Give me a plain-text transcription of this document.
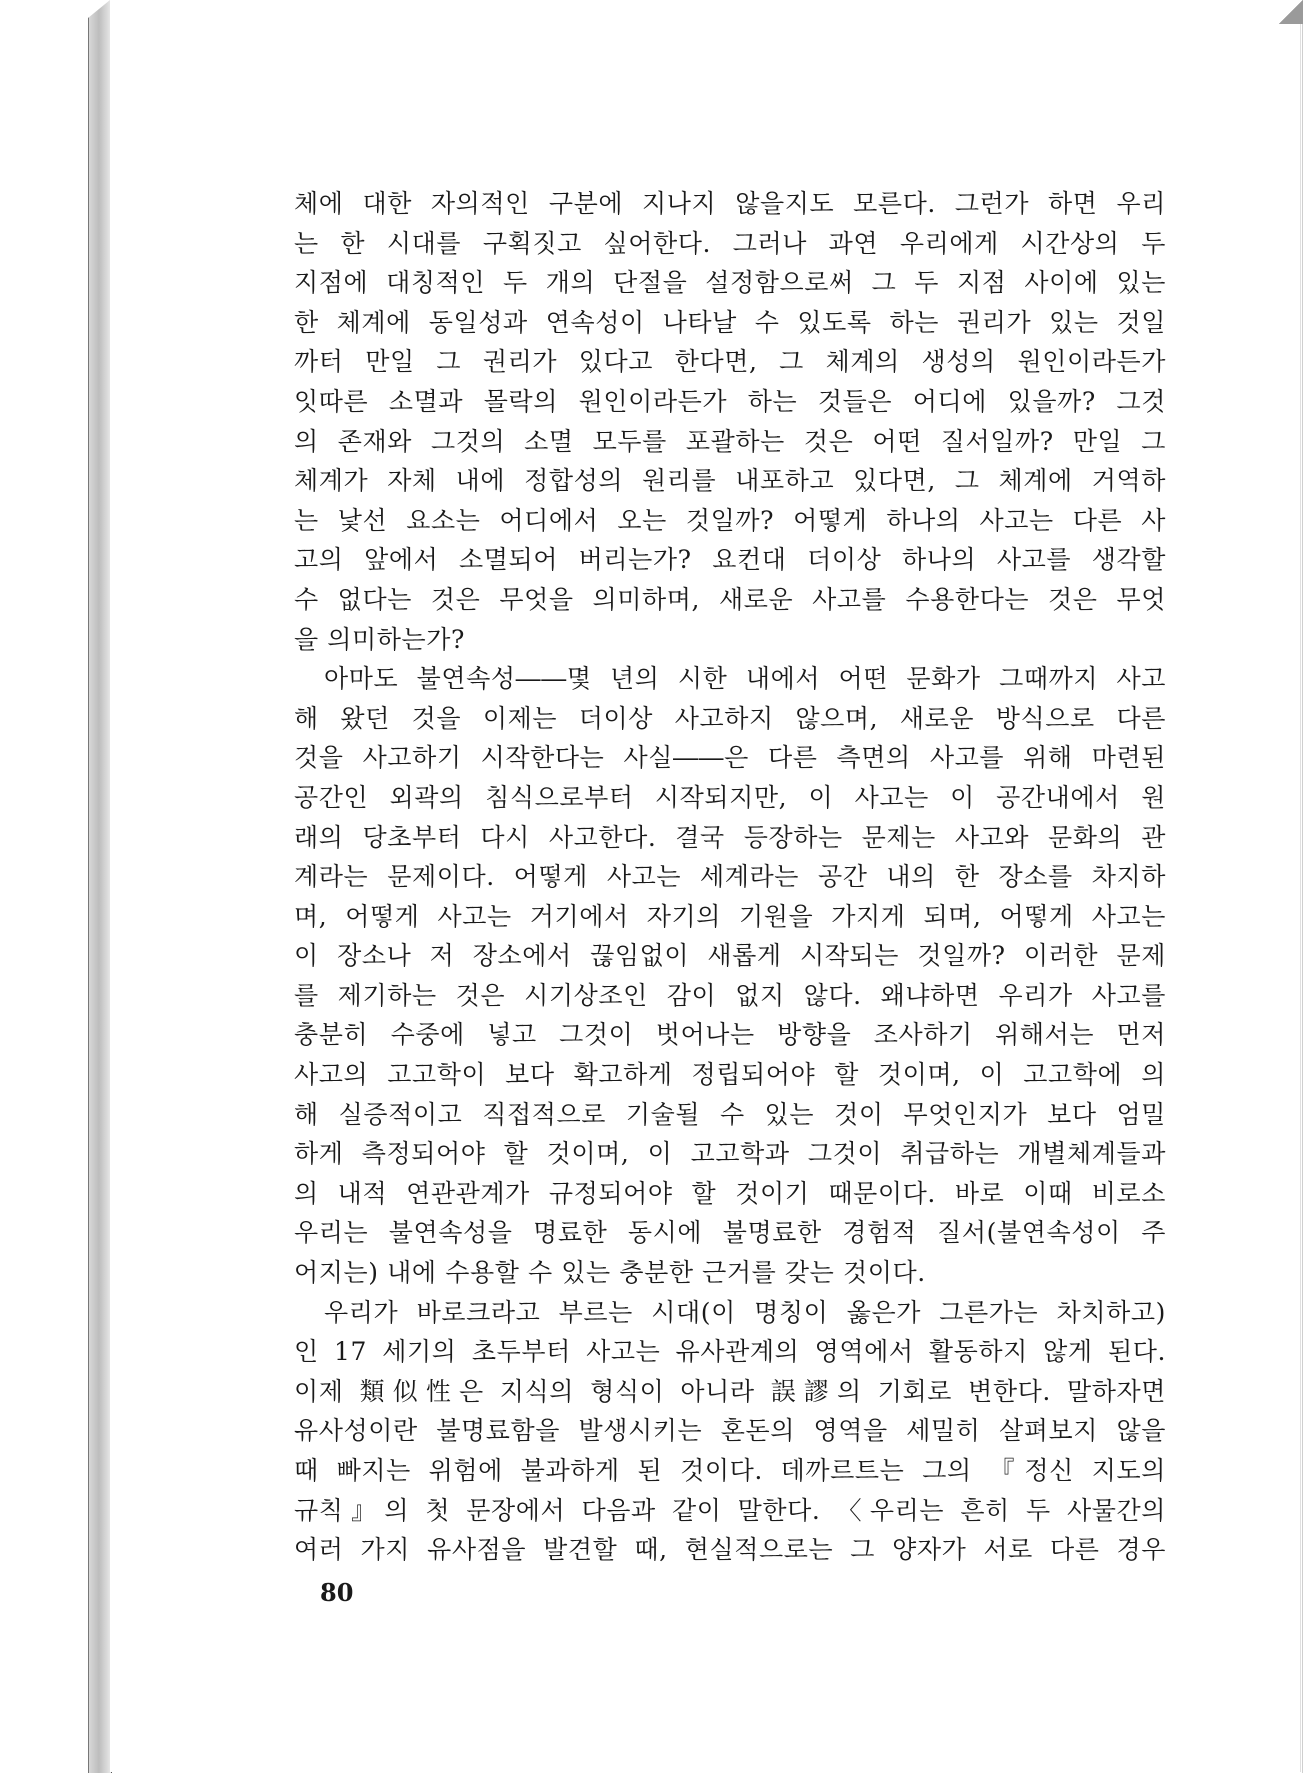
체에 대한 자의적인 구분에 지나지 않을지도 모른다. 그런가 하면 우리
는 한 시대를 구획짓고 싶어한다. 그러나 과연 우리에게 시간상의 두
지점에 대칭적인 두 개의 단절을 설정함으로써 그 두 지점 사이에 있는
한 체계에 동일성과 연속성이 나타날 수 있도록 하는 권리가 있는 것일
까터 만일 그 권리가 있다고 한다면, 그 체계의 생성의 원인이라든가
잇따른 소멸과 몰락의 원인이라든가 하는 것들은 어디에 있을까? 그것
의 존재와 그것의 소멸 모두를 포괄하는 것은 어떤 질서일까? 만일 그
체계가 자체 내에 정합성의 원리를 내포하고 있다면, 그 체계에 거역하
는 낯선 요소는 어디에서 오는 것일까? 어떻게 하나의 사고는 다른 사
고의 앞에서 소멸되어 버리는가? 요컨대 더이상 하나의 사고를 생각할
수 없다는 것은 무엇을 의미하며, 새로운 사고를 수용한다는 것은 무엇
을 의미하는가?
아마도 불연속성――몇 년의 시한 내에서 어떤 문화가 그때까지 사고
해 왔던 것을 이제는 더이상 사고하지 않으며, 새로운 방식으로 다른
것을 사고하기 시작한다는 사실――은 다른 측면의 사고를 위해 마련된
공간인 외곽의 침식으로부터 시작되지만, 이 사고는 이 공간내에서 원
래의 당초부터 다시 사고한다. 결국 등장하는 문제는 사고와 문화의 관
계라는 문제이다. 어떻게 사고는 세계라는 공간 내의 한 장소를 차지하
며, 어떻게 사고는 거기에서 자기의 기원을 가지게 되며, 어떻게 사고는
이 장소나 저 장소에서 끊임없이 새롭게 시작되는 것일까? 이러한 문제
를 제기하는 것은 시기상조인 감이 없지 않다. 왜냐하면 우리가 사고를
충분히 수중에 넣고 그것이 벗어나는 방향을 조사하기 위해서는 먼저
사고의 고고학이 보다 확고하게 정립되어야 할 것이며, 이 고고학에 의
해 실증적이고 직접적으로 기술될 수 있는 것이 무엇인지가 보다 엄밀
하게 측정되어야 할 것이며, 이 고고학과 그것이 취급하는 개별체계들과
의 내적 연관관계가 규정되어야 할 것이기 때문이다. 바로 이때 비로소
우리는 불연속성을 명료한 동시에 불명료한 경험적 질서(불연속성이 주
어지는) 내에 수용할 수 있는 충분한 근거를 갖는 것이다.
우리가 바로크라고 부르는 시대(이 명칭이 옳은가 그른가는 차치하고)
인 17 세기의 초두부터 사고는 유사관계의 영역에서 활동하지 않게 된다.
이제 類似性은 지식의 형식이 아니라 誤謬의 기회로 변한다. 말하자면
유사성이란 불명료함을 발생시키는 혼돈의 영역을 세밀히 살펴보지 않을
때 빠지는 위험에 불과하게 된 것이다. 데까르트는 그의 『정신 지도의
규칙』의 첫 문장에서 다음과 같이 말한다. 〈우리는 흔히 두 사물간의
여러 가지 유사점을 발견할 때, 현실적으로는 그 양자가 서로 다른 경우
80
